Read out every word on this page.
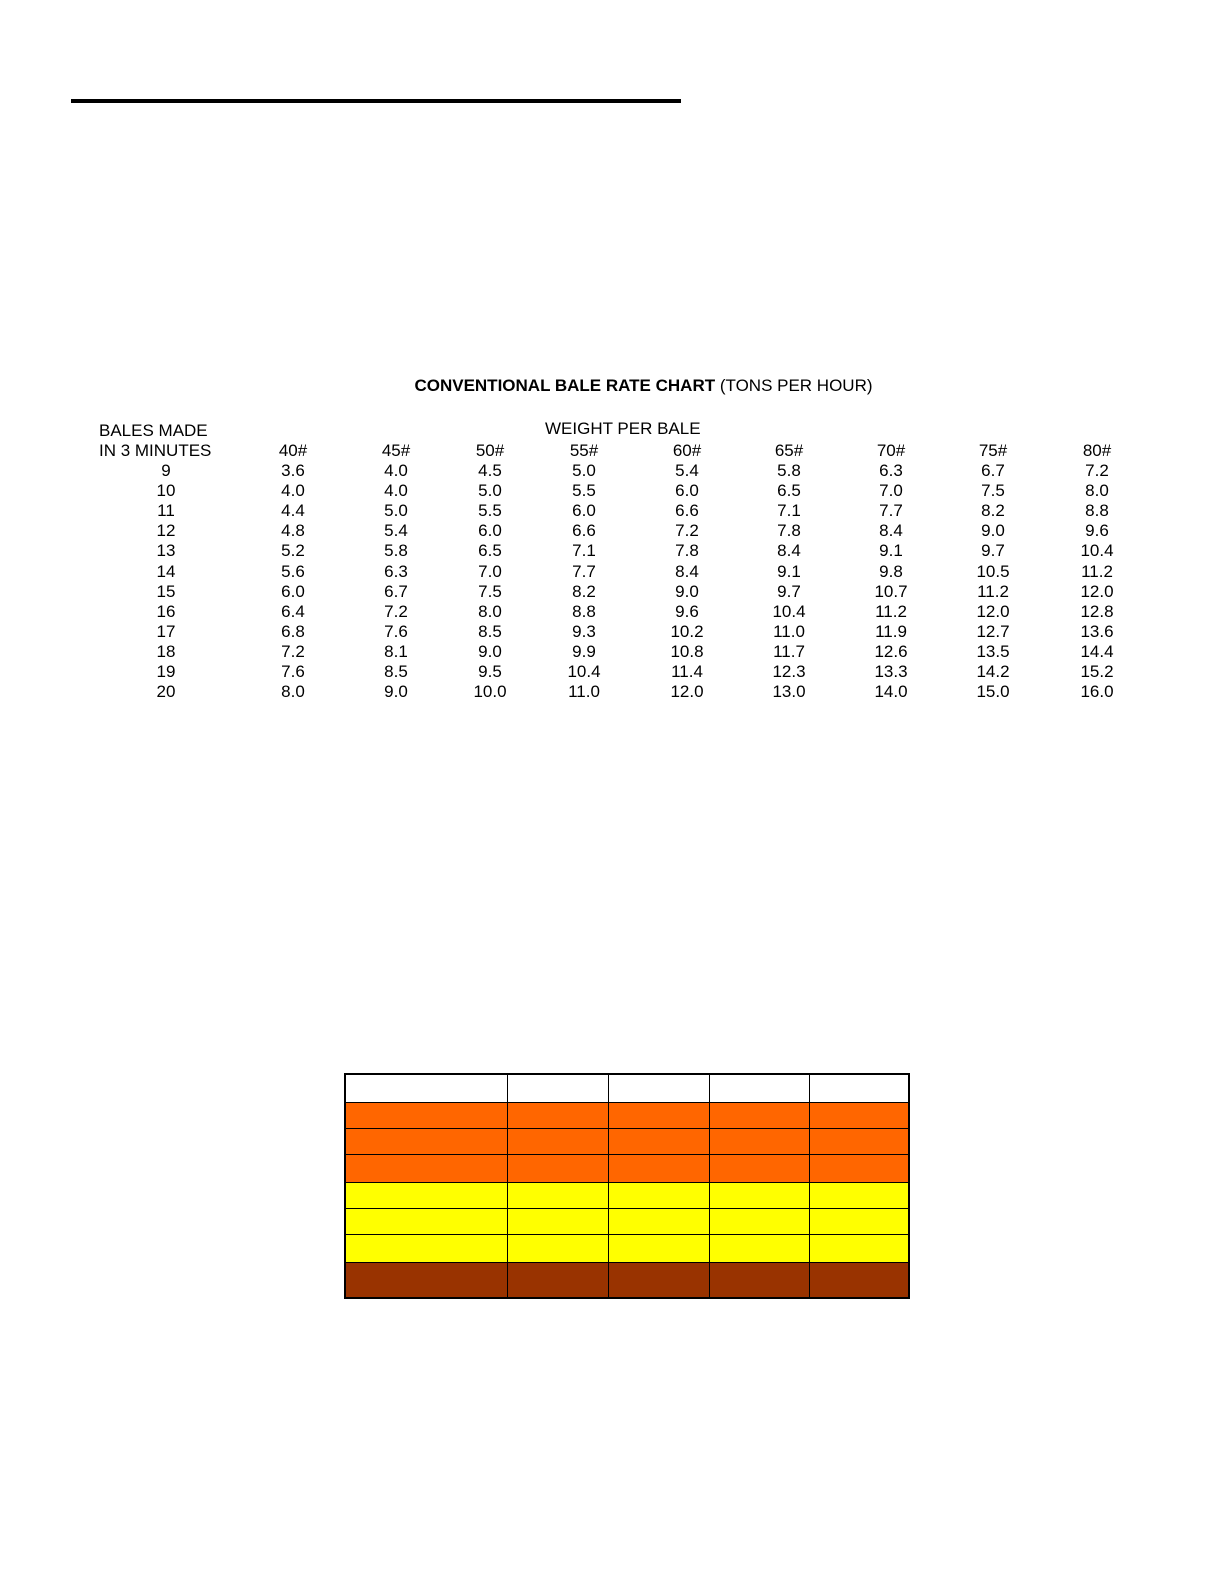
CONVENTIONAL BALE RATE CHART (TONS PER HOUR)
BALES MADE
IN 3 MINUTES
WEIGHT PER BALE
40#	45#	50#	55#	60#	65#	70#	75#	80#
9	3.6	4.0	4.5	5.0	5.4	5.8	6.3	6.7	7.2
10	4.0	4.0	5.0	5.5	6.0	6.5	7.0	7.5	8.0
11	4.4	5.0	5.5	6.0	6.6	7.1	7.7	8.2	8.8
12	4.8	5.4	6.0	6.6	7.2	7.8	8.4	9.0	9.6
13	5.2	5.8	6.5	7.1	7.8	8.4	9.1	9.7	10.4
14	5.6	6.3	7.0	7.7	8.4	9.1	9.8	10.5	11.2
15	6.0	6.7	7.5	8.2	9.0	9.7	10.7	11.2	12.0
16	6.4	7.2	8.0	8.8	9.6	10.4	11.2	12.0	12.8
17	6.8	7.6	8.5	9.3	10.2	11.0	11.9	12.7	13.6
18	7.2	8.1	9.0	9.9	10.8	11.7	12.6	13.5	14.4
19	7.6	8.5	9.5	10.4	11.4	12.3	13.3	14.2	15.2
20	8.0	9.0	10.0	11.0	12.0	13.0	14.0	15.0	16.0
